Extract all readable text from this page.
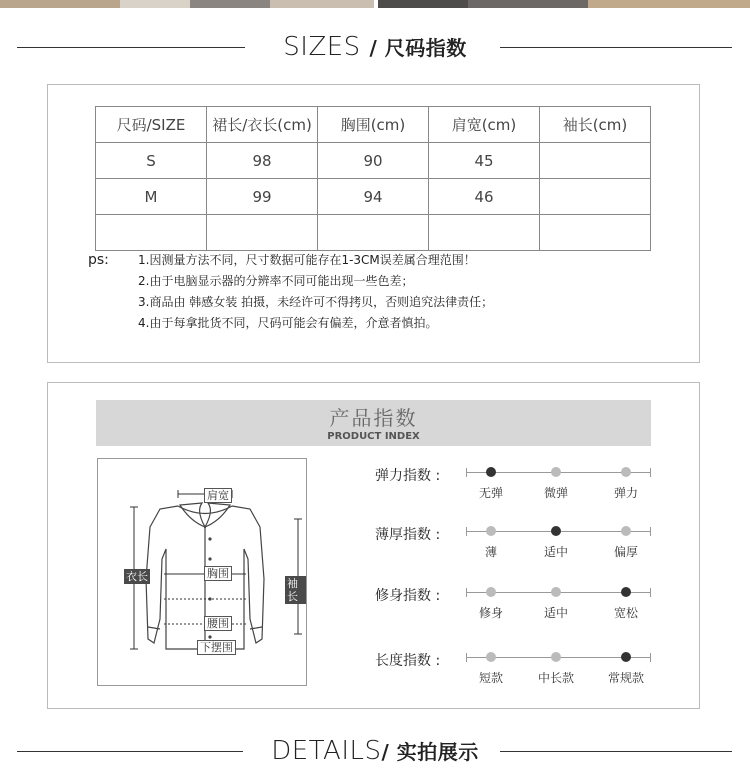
SIZES / 尺码指数
尺码/SIZE	裙长/衣长(cm)	胸围(cm)	肩宽(cm)	袖长(cm)
S	98	90	45	
M	99	94	46	

ps: 1.因测量方法不同，尺寸数据可能存在1-3CM误差属合理范围！
2.由于电脑显示器的分辨率不同可能出现一些色差；
3.商品由 韩感女装 拍摄，未经许可不得拷贝，否则追究法律责任；
4.由于每拿批货不同，尺码可能会有偏差，介意者慎拍。
产品指数
PRODUCT INDEX
肩宽
衣长	胸围
袖长
腰围
下摆围
弹力指数 :
无弹	微弹	弹力
薄厚指数 :
薄	适中	偏厚
修身指数 :
修身	适中	宽松
长度指数 :
短款	中长款	常规款
DETAILS/ 实拍展示
